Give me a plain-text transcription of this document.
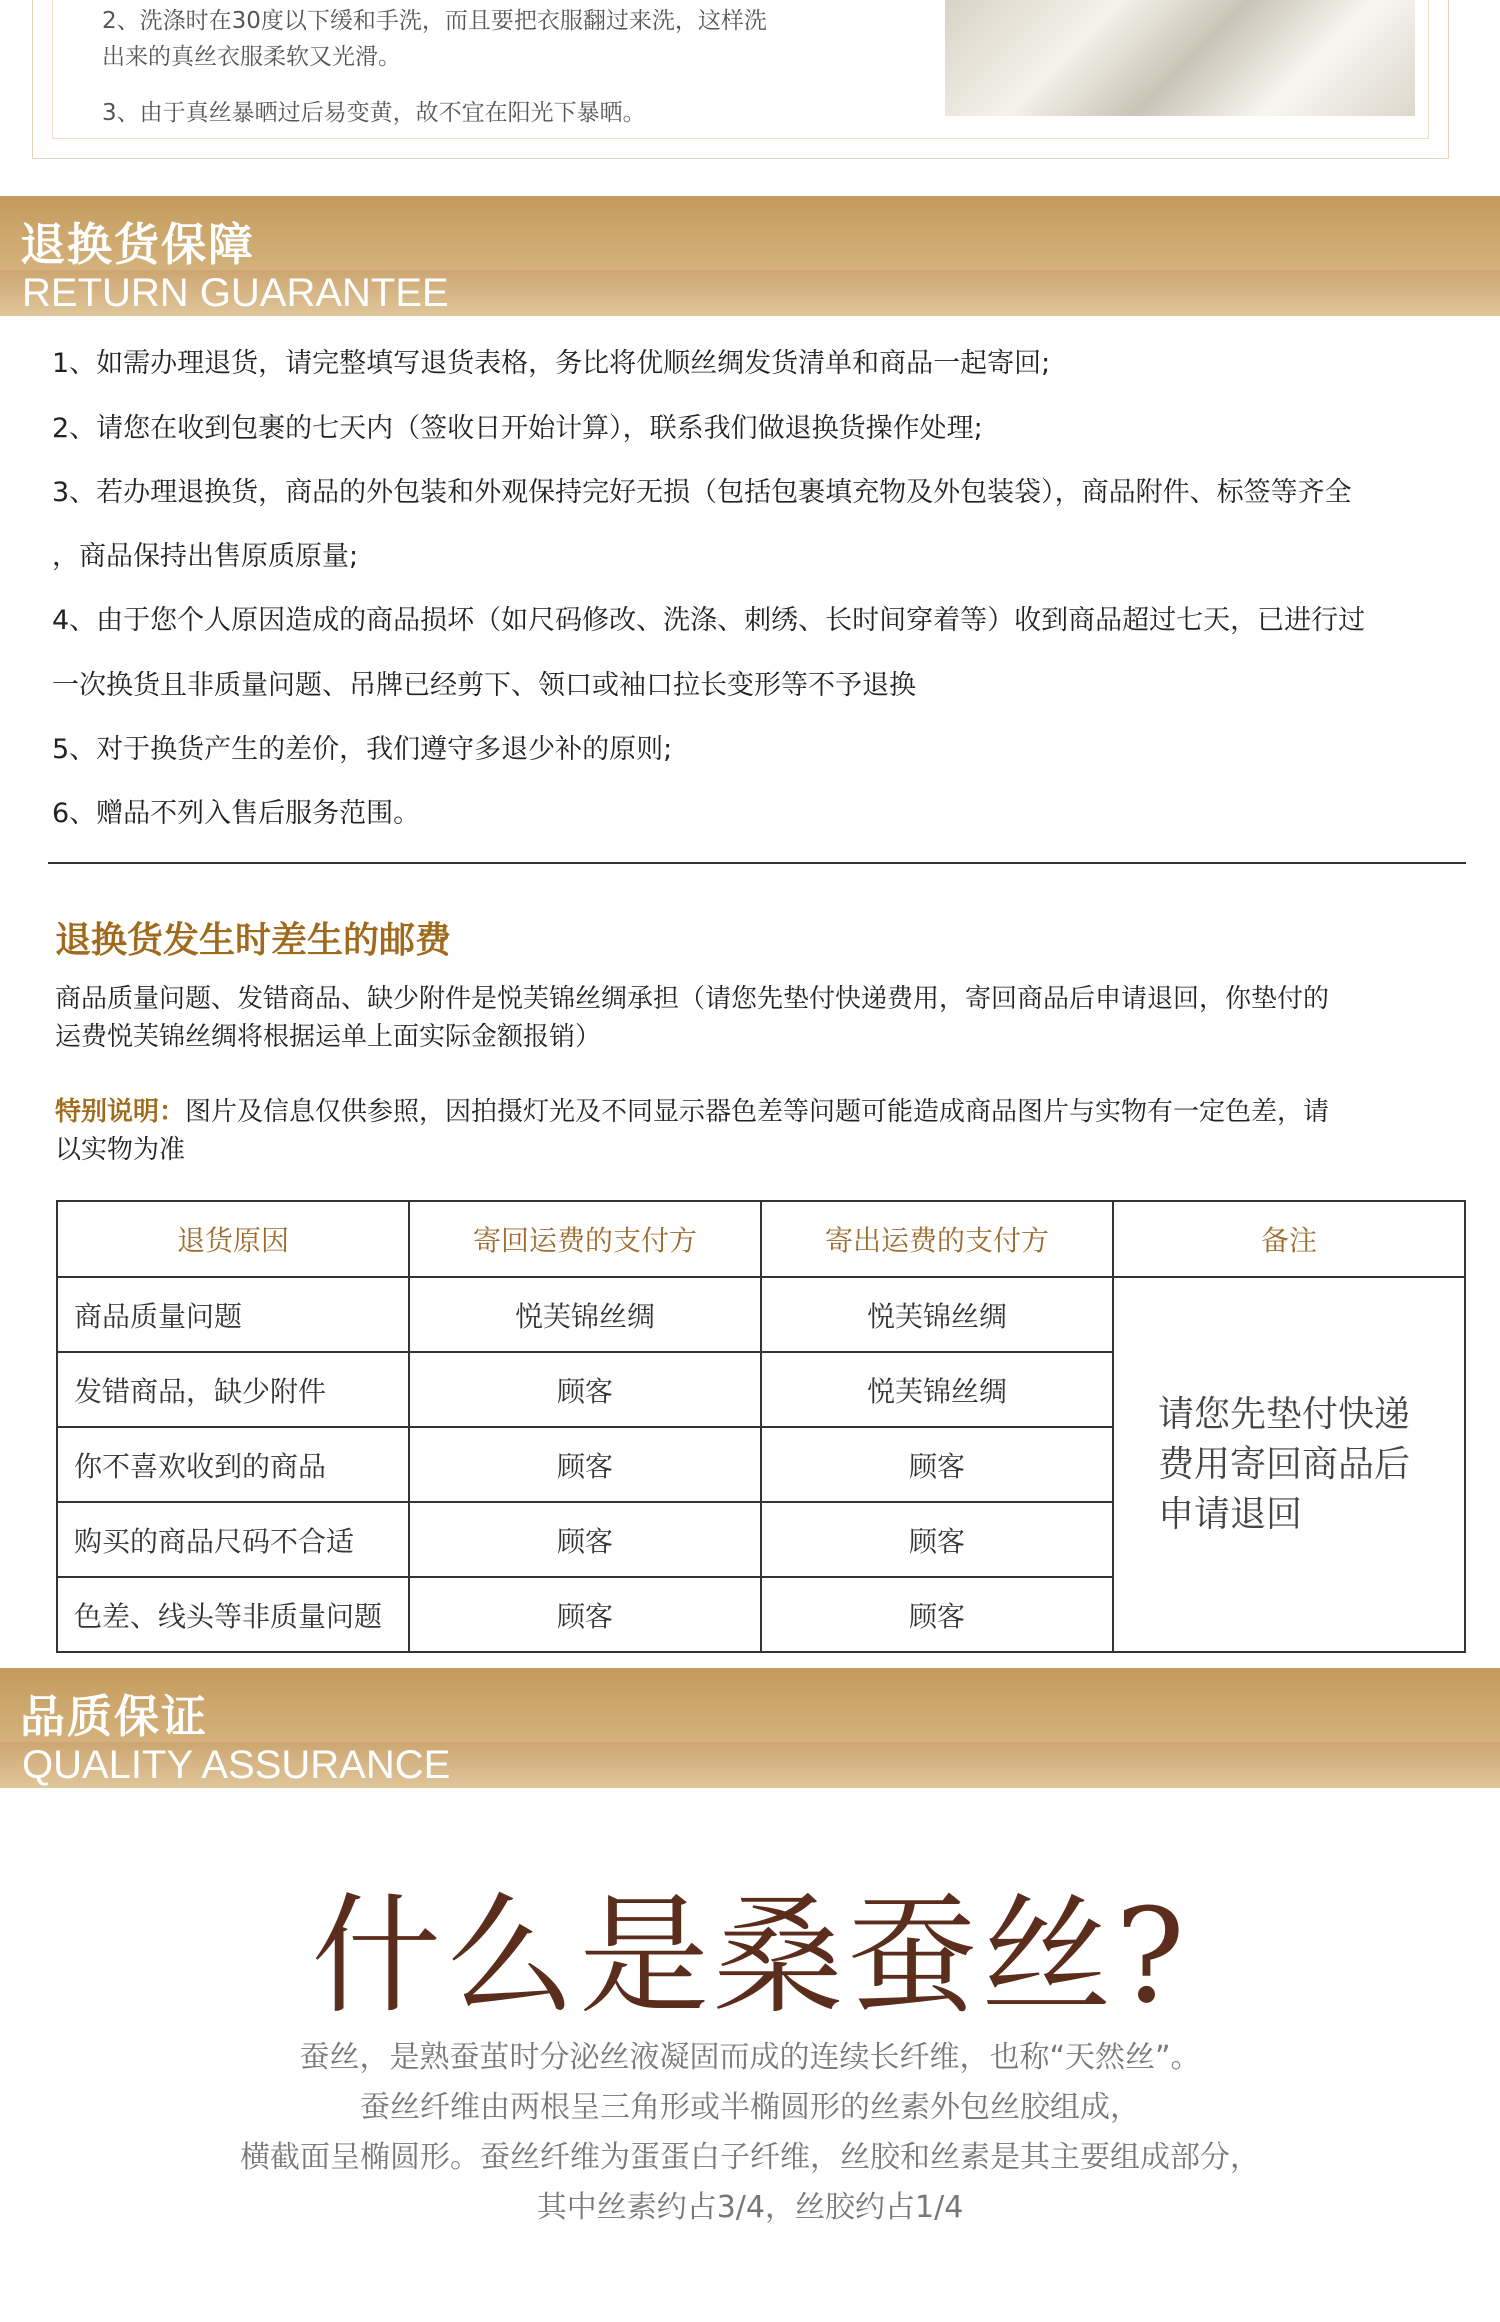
2、洗涤时在30度以下缓和手洗，而且要把衣服翻过来洗，这样洗
出来的真丝衣服柔软又光滑。
3、由于真丝暴晒过后易变黄，故不宜在阳光下暴晒。
退换货保障
RETURN GUARANTEE
1、如需办理退货，请完整填写退货表格，务比将优顺丝绸发货清单和商品一起寄回;
2、请您在收到包裹的七天内（签收日开始计算），联系我们做退换货操作处理;
3、若办理退换货，商品的外包装和外观保持完好无损（包括包裹填充物及外包装袋），商品附件、标签等齐全
，商品保持出售原质原量;
4、由于您个人原因造成的商品损坏（如尺码修改、洗涤、刺绣、长时间穿着等）收到商品超过七天，已进行过
一次换货且非质量问题、吊牌已经剪下、领口或袖口拉长变形等不予退换
5、对于换货产生的差价，我们遵守多退少补的原则;
6、赠品不列入售后服务范围。
退换货发生时差生的邮费
商品质量问题、发错商品、缺少附件是悦芙锦丝绸承担（请您先垫付快递费用，寄回商品后申请退回，你垫付的
运费悦芙锦丝绸将根据运单上面实际金额报销）
特别说明：图片及信息仅供参照，因拍摄灯光及不同显示器色差等问题可能造成商品图片与实物有一定色差，请
以实物为准
退货原因	寄回运费的支付方	寄出运费的支付方	备注
商品质量问题	悦芙锦丝绸	悦芙锦丝绸	请您先垫付快递费用寄回商品后申请退回
发错商品，缺少附件	顾客	悦芙锦丝绸	
你不喜欢收到的商品	顾客	顾客	
购买的商品尺码不合适	顾客	顾客	
色差、线头等非质量问题	顾客	顾客	
品质保证
QUALITY ASSURANCE
什么是桑蚕丝?
蚕丝，是熟蚕茧时分泌丝液凝固而成的连续长纤维，也称“天然丝”。
蚕丝纤维由两根呈三角形或半椭圆形的丝素外包丝胶组成，
横截面呈椭圆形。蚕丝纤维为蛋蛋白子纤维，丝胶和丝素是其主要组成部分，
其中丝素约占3/4，丝胶约占1/4
